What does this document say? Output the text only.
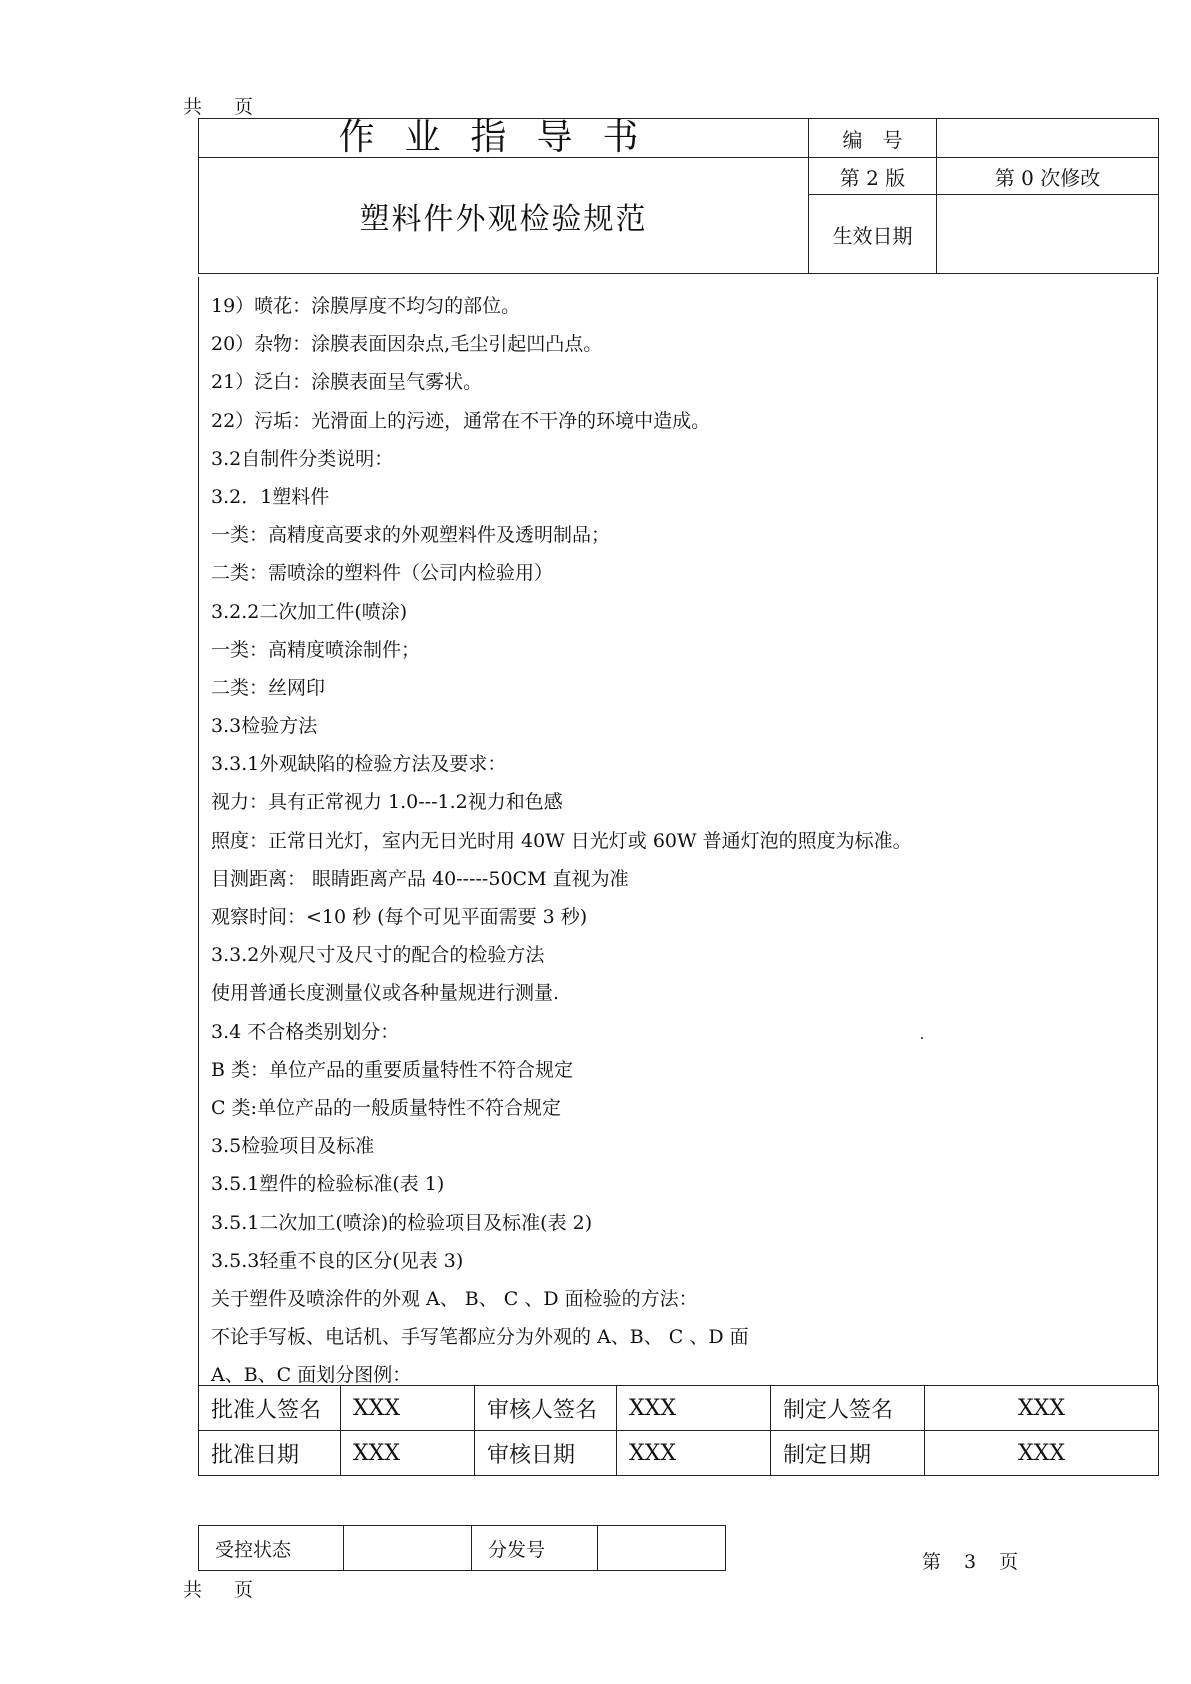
共 页
作业指导书	编　号	
塑料件外观检验规范	第 2 版	第 0 次修改
	生效日期	
19）喷花：涂膜厚度不均匀的部位。
20）杂物：涂膜表面因杂点,毛尘引起凹凸点。
21）泛白：涂膜表面呈气雾状。
22）污垢：光滑面上的污迹，通常在不干净的环境中造成。
3.2自制件分类说明：
3.2．1塑料件
一类：高精度高要求的外观塑料件及透明制品；
二类：需喷涂的塑料件（公司内检验用）
3.2.2二次加工件(喷涂)
一类：高精度喷涂制件；
二类：丝网印
3.3检验方法
3.3.1外观缺陷的检验方法及要求：
视力：具有正常视力 1.0---1.2视力和色感
照度：正常日光灯，室内无日光时用 40W 日光灯或 60W 普通灯泡的照度为标准。
目测距离： 眼睛距离产品 40-----50CM 直视为准
观察时间：<10 秒 (每个可见平面需要 3 秒)
3.3.2外观尺寸及尺寸的配合的检验方法
使用普通长度测量仪或各种量规进行测量.
3.4 不合格类别划分：
B 类：单位产品的重要质量特性不符合规定
C 类:单位产品的一般质量特性不符合规定
3.5检验项目及标准
3.5.1塑件的检验标准(表 1)
3.5.1二次加工(喷涂)的检验项目及标准(表 2)
3.5.3轻重不良的区分(见表 3)
关于塑件及喷涂件的外观 A、 B、 C 、D 面检验的方法：
不论手写板、电话机、手写笔都应分为外观的 A、B、 C 、D 面
A、B、C 面划分图例：
批准人签名	XXX	审核人签名	XXX	制定人签名	XXX
批准日期	XXX	审核日期	XXX	制定日期	XXX
受控状态		分发号	
第　3　页
共 页
